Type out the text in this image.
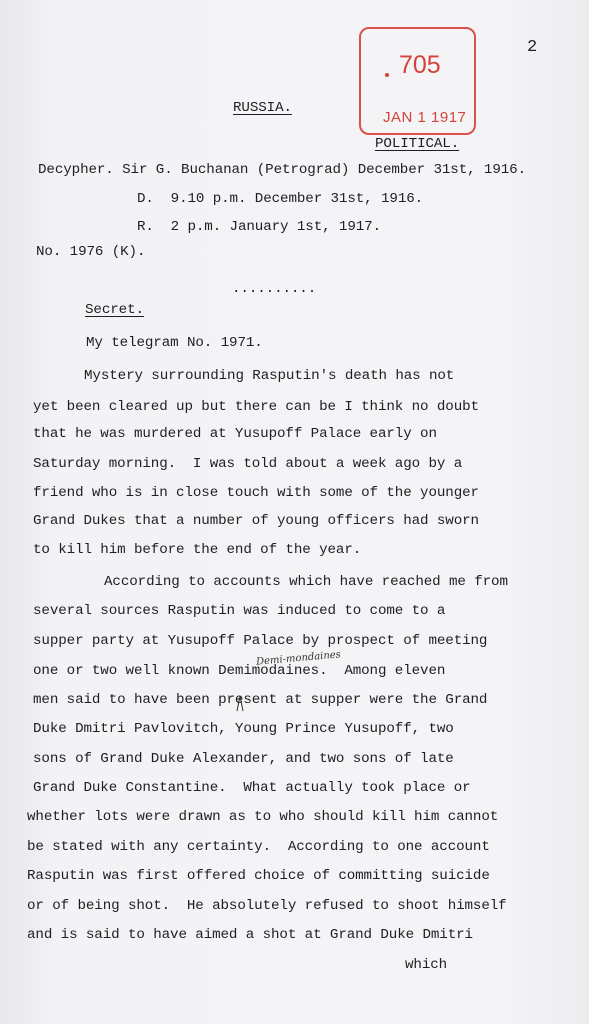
2
705
JAN 1 1917
RUSSIA.
POLITICAL.
Decypher. Sir G. Buchanan (Petrograd) December 31st, 1916.
D.  9.10 p.m. December 31st, 1916.
R.  2 p.m. January 1st, 1917.
No. 1976 (K).
..........
Secret.
My telegram No. 1971.
Mystery surrounding Rasputin's death has not
yet been cleared up but there can be I think no doubt
that he was murdered at Yusupoff Palace early on
Saturday morning.  I was told about a week ago by a
friend who is in close touch with some of the younger
Grand Dukes that a number of young officers had sworn
to kill him before the end of the year.
According to accounts which have reached me from
several sources Rasputin was induced to come to a
supper party at Yusupoff Palace by prospect of meeting
Demi-mondaines
one or two well known Demimodaines.  Among eleven
men said to have been present at supper were the Grand
Duke Dmitri Pavlovitch, Young Prince Yusupoff, two
sons of Grand Duke Alexander, and two sons of late
Grand Duke Constantine.  What actually took place or
whether lots were drawn as to who should kill him cannot
be stated with any certainty.  According to one account
Rasputin was first offered choice of committing suicide
or of being shot.  He absolutely refused to shoot himself
and is said to have aimed a shot at Grand Duke Dmitri
which
